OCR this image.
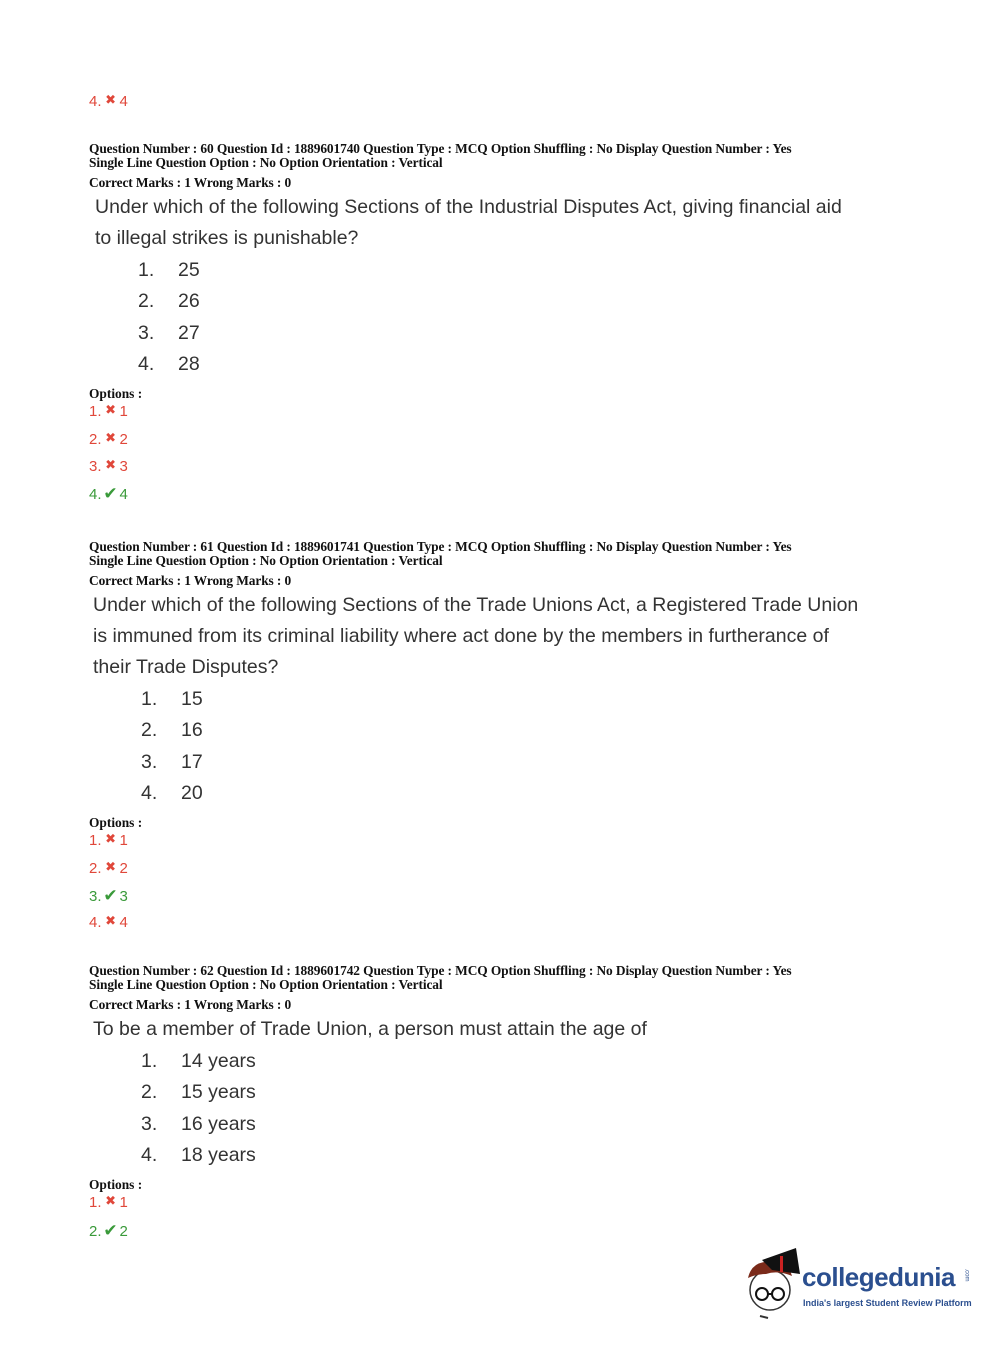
4. ✖ 4
Question Number : 60 Question Id : 1889601740 Question Type : MCQ Option Shuffling : No Display Question Number : Yes
Single Line Question Option : No Option Orientation : Vertical
Correct Marks : 1 Wrong Marks : 0
Under which of the following Sections of the Industrial Disputes Act, giving financial aid
to illegal strikes is punishable?
1. 25
2. 26
3. 27
4. 28
Options :
1. ✖ 1
2. ✖ 2
3. ✖ 3
4. ✔ 4
Question Number : 61 Question Id : 1889601741 Question Type : MCQ Option Shuffling : No Display Question Number : Yes
Single Line Question Option : No Option Orientation : Vertical
Correct Marks : 1 Wrong Marks : 0
Under which of the following Sections of the Trade Unions Act, a Registered Trade Union
is immuned from its criminal liability where act done by the members in furtherance of
their Trade Disputes?
1. 15
2. 16
3. 17
4. 20
Options :
1. ✖ 1
2. ✖ 2
3. ✔ 3
4. ✖ 4
Question Number : 62 Question Id : 1889601742 Question Type : MCQ Option Shuffling : No Display Question Number : Yes
Single Line Question Option : No Option Orientation : Vertical
Correct Marks : 1 Wrong Marks : 0
To be a member of Trade Union, a person must attain the age of
1. 14 years
2. 15 years
3. 16 years
4. 18 years
Options :
1. ✖ 1
2. ✔ 2
collegedunia .com
India's largest Student Review Platform
